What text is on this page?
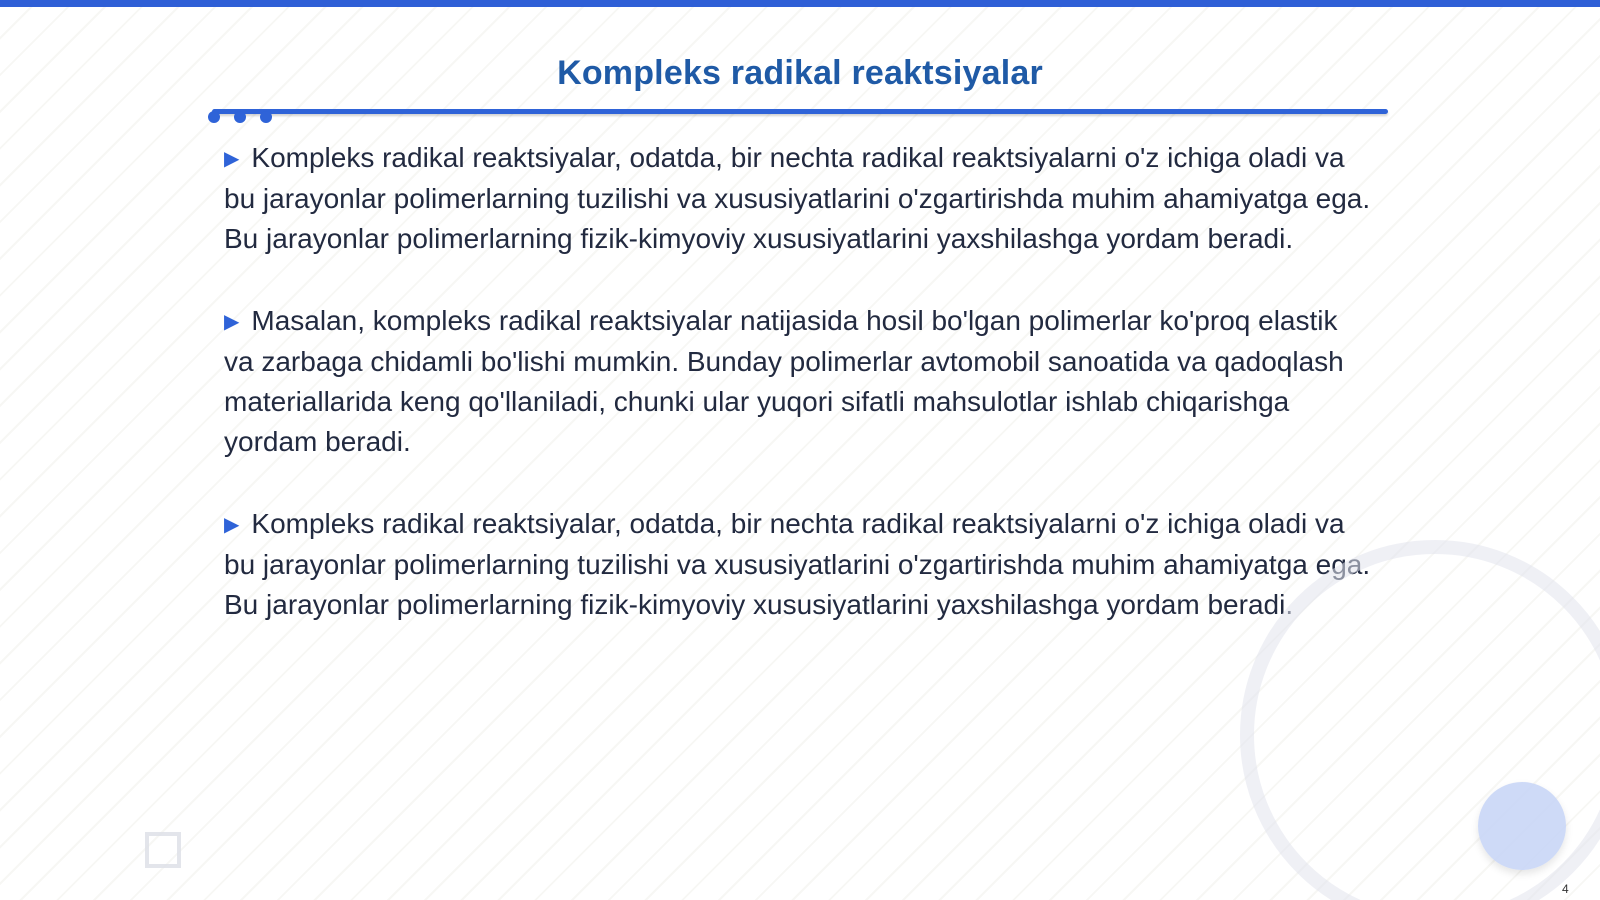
Kompleks radikal reaktsiyalar

▶ Kompleks radikal reaktsiyalar, odatda, bir nechta radikal reaktsiyalarni o'z ichiga oladi va bu jarayonlar polimerlarning tuzilishi va xususiyatlarini o'zgartirishda muhim ahamiyatga ega. Bu jarayonlar polimerlarning fizik-kimyoviy xususiyatlarini yaxshilashga yordam beradi.

▶ Masalan, kompleks radikal reaktsiyalar natijasida hosil bo'lgan polimerlar ko'proq elastik va zarbaga chidamli bo'lishi mumkin. Bunday polimerlar avtomobil sanoatida va qadoqlash materiallarida keng qo'llaniladi, chunki ular yuqori sifatli mahsulotlar ishlab chiqarishga yordam beradi.

▶ Kompleks radikal reaktsiyalar, odatda, bir nechta radikal reaktsiyalarni o'z ichiga oladi va bu jarayonlar polimerlarning tuzilishi va xususiyatlarini o'zgartirishda muhim ahamiyatga ega. Bu jarayonlar polimerlarning fizik-kimyoviy xususiyatlarini yaxshilashga yordam beradi.

4
